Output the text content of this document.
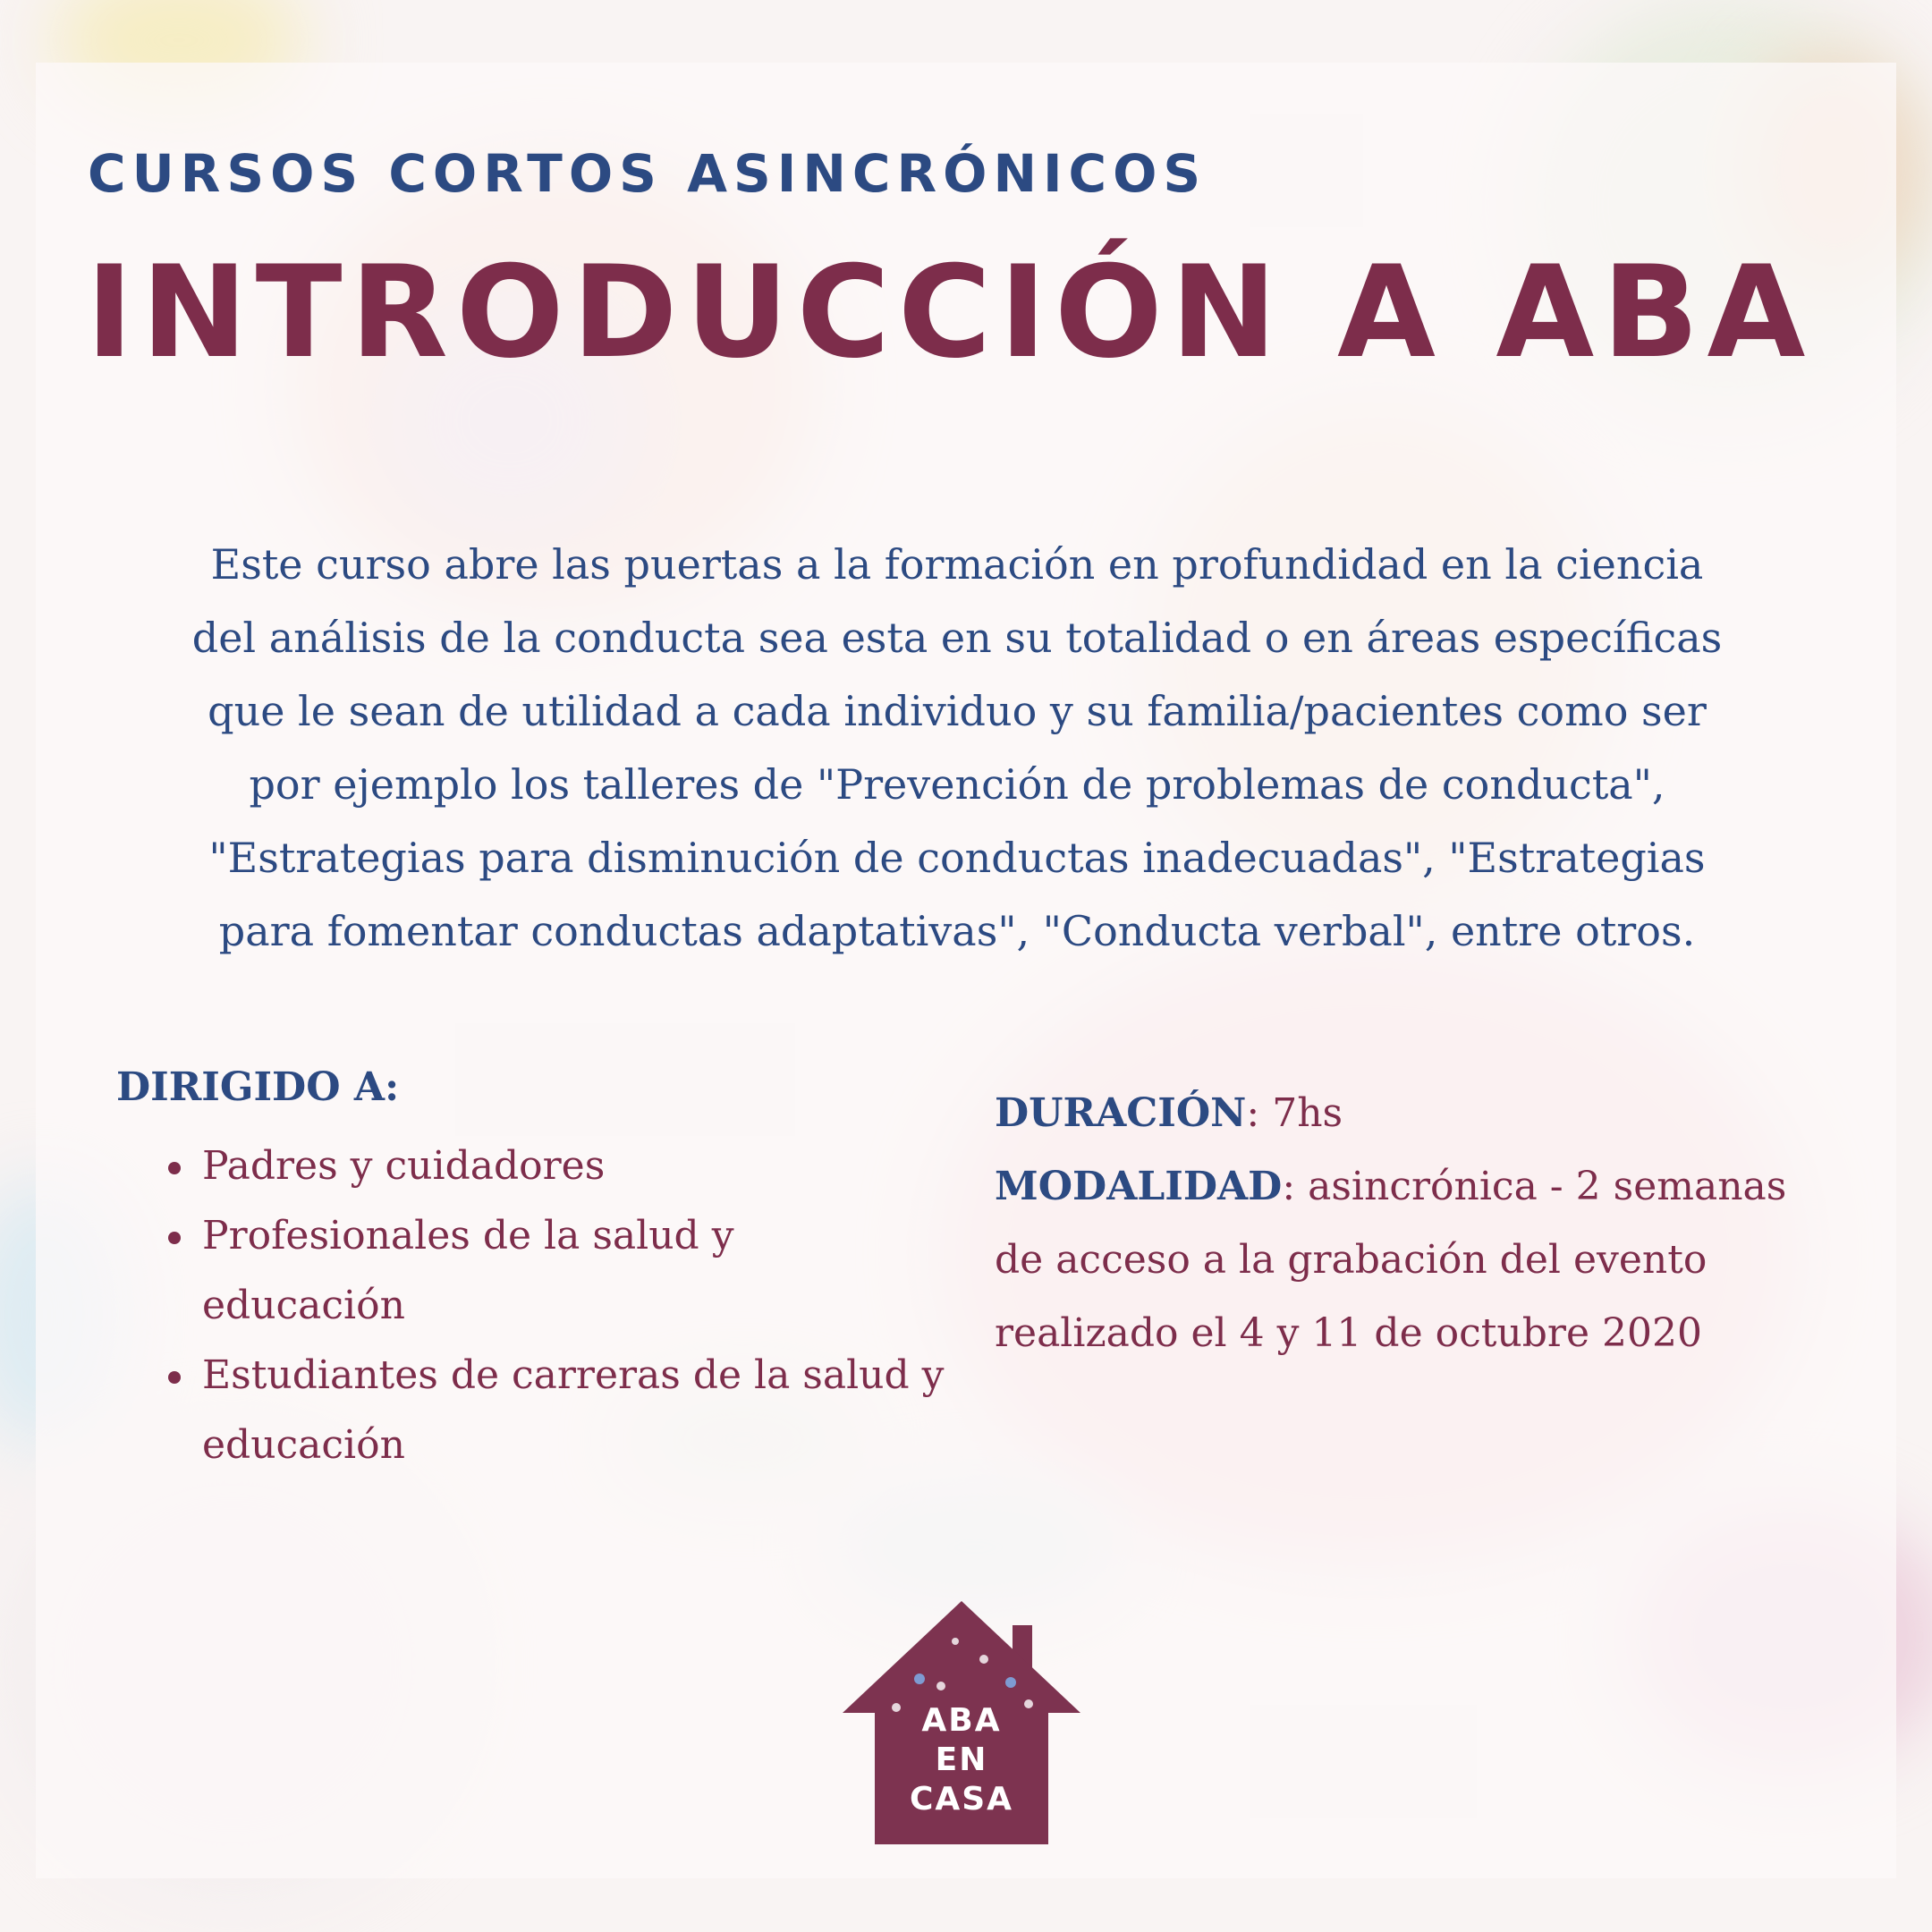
CURSOS CORTOS ASINCRÓNICOS
INTRODUCCIÓN A ABA
Este curso abre las puertas a la formación en profundidad en la ciencia
del análisis de la conducta sea esta en su totalidad o en áreas específicas
que le sean de utilidad a cada individuo y su familia/pacientes como ser
por ejemplo los talleres de "Prevención de problemas de conducta",
"Estrategias para disminución de conductas inadecuadas", "Estrategias
para fomentar conductas adaptativas", "Conducta verbal", entre otros.

DIRIGIDO A:

Padres y cuidadores
Profesionales de la salud y educación
Estudiantes de carreras de la salud y educación

DURACIÓN: 7hs

MODALIDAD: asincrónica - 2 semanas de acceso a la grabación del evento realizado el 4 y 11 de octubre 2020

ABA
EN
CASA
